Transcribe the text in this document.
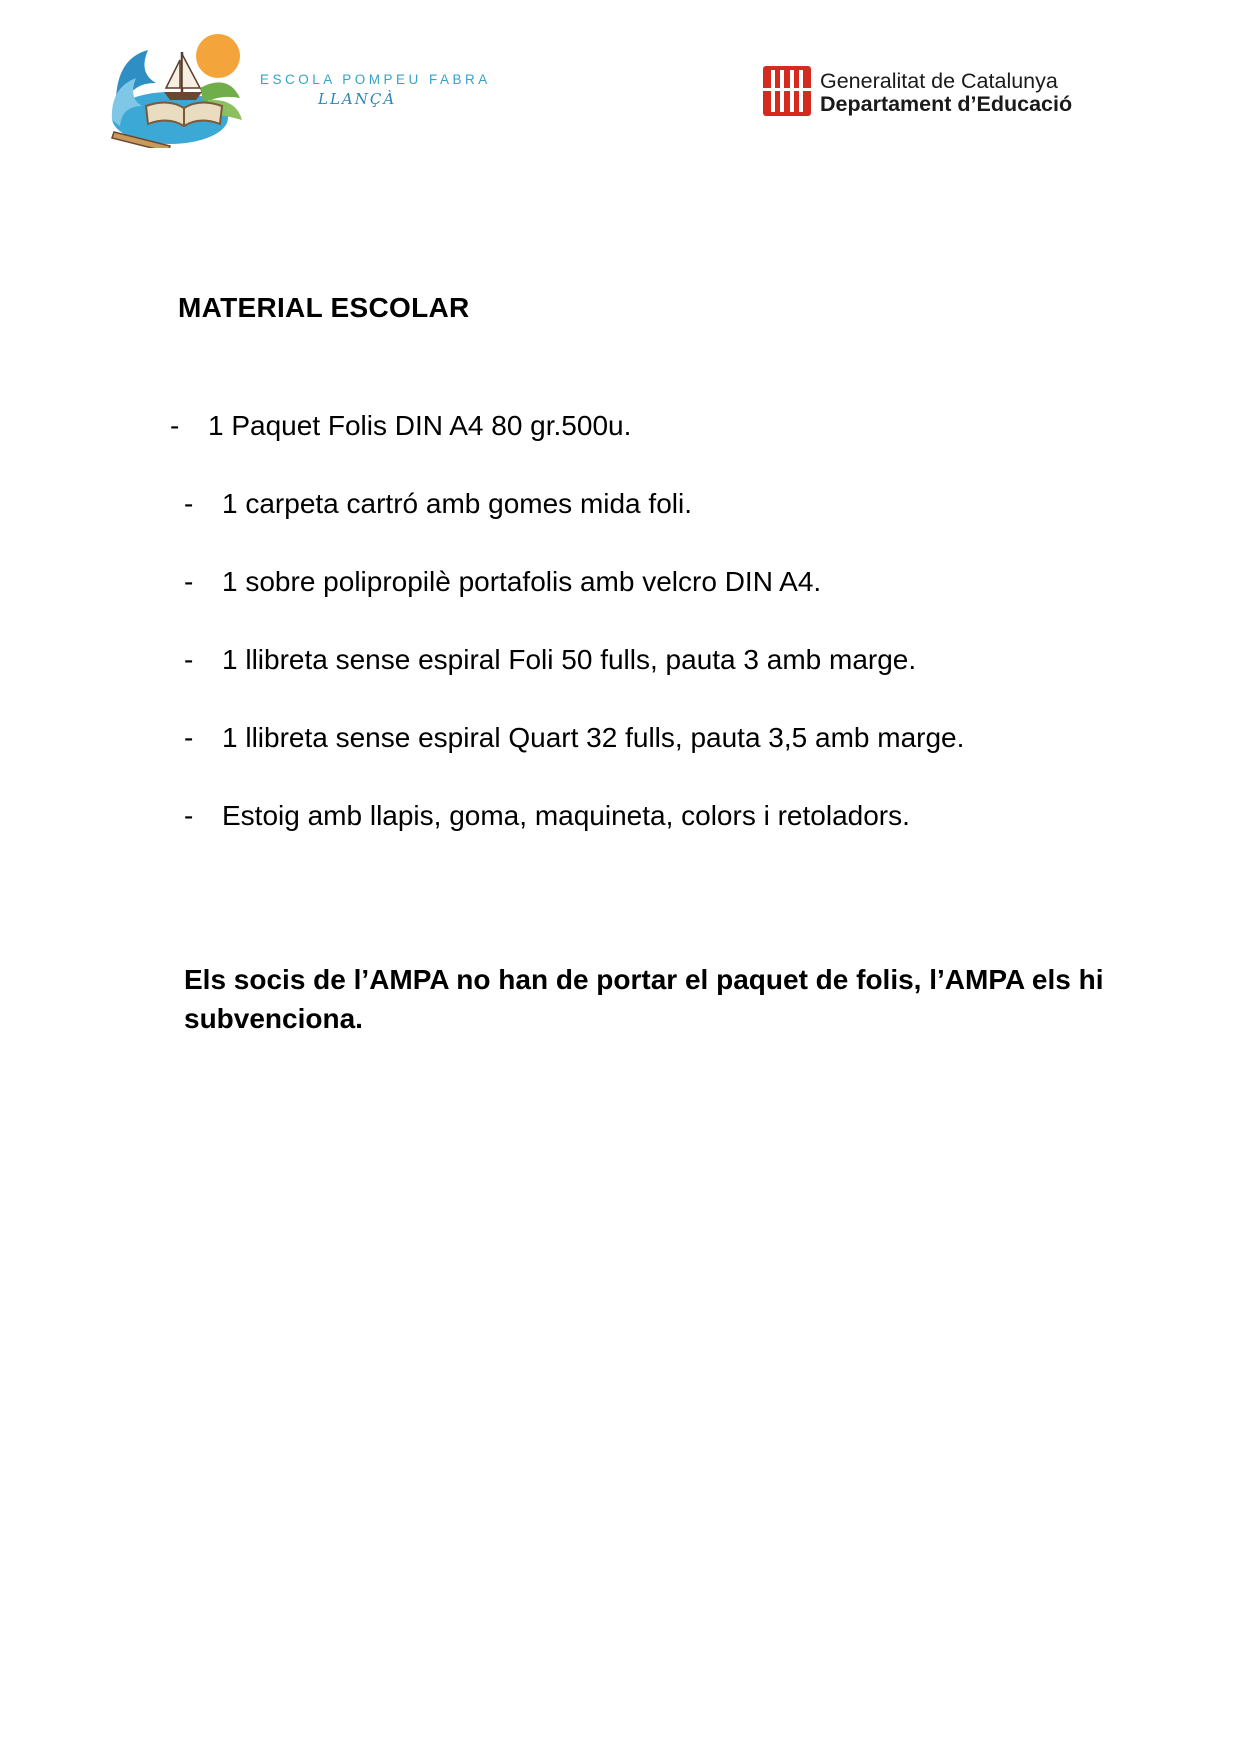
ESCOLA POMPEU FABRA
LLANÇÀ
Generalitat de Catalunya
Departament d’Educació
MATERIAL ESCOLAR
- 1 Paquet Folis DIN A4 80 gr.500u.
- 1 carpeta cartró amb gomes mida foli.
- 1 sobre polipropilè portafolis amb velcro DIN A4.
- 1 llibreta sense espiral Foli 50 fulls, pauta 3 amb marge.
- 1 llibreta sense espiral Quart 32 fulls, pauta 3,5 amb marge.
- Estoig amb llapis, goma, maquineta, colors i retoladors.

Els socis de l’AMPA no han de portar el paquet de folis, l’AMPA els hi subvenciona.
